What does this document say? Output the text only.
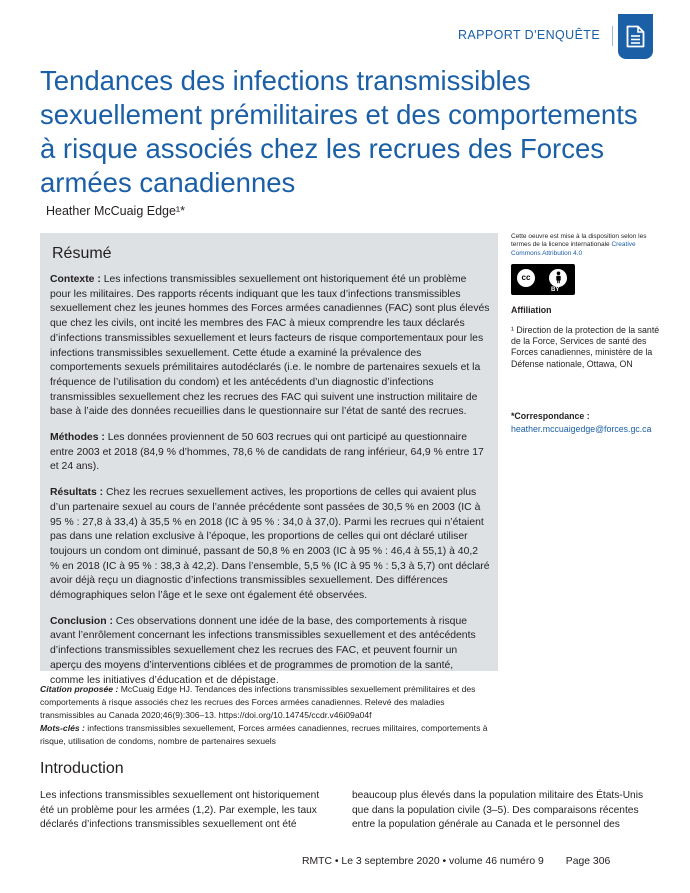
RAPPORT D'ENQUÊTE
Tendances des infections transmissibles sexuellement prémilitaires et des comportements à risque associés chez les recrues des Forces armées canadiennes
Heather McCuaig Edge¹*
Résumé

Contexte : Les infections transmissibles sexuellement ont historiquement été un problème pour les militaires. Des rapports récents indiquant que les taux d’infections transmissibles sexuellement chez les jeunes hommes des Forces armées canadiennes (FAC) sont plus élevés que chez les civils, ont incité les membres des FAC à mieux comprendre les taux déclarés d’infections transmissibles sexuellement et leurs facteurs de risque comportementaux pour les infections transmissibles sexuellement. Cette étude a examiné la prévalence des comportements sexuels prémilitaires autodéclarés (i.e. le nombre de partenaires sexuels et la fréquence de l’utilisation du condom) et les antécédents d’un diagnostic d’infections transmissibles sexuellement chez les recrues des FAC qui suivent une instruction militaire de base à l’aide des données recueillies dans le questionnaire sur l’état de santé des recrues.

Méthodes : Les données proviennent de 50 603 recrues qui ont participé au questionnaire entre 2003 et 2018 (84,9 % d’hommes, 78,6 % de candidats de rang inférieur, 64,9 % entre 17 et 24 ans).

Résultats : Chez les recrues sexuellement actives, les proportions de celles qui avaient plus d’un partenaire sexuel au cours de l’année précédente sont passées de 30,5 % en 2003 (IC à 95 % : 27,8 à 33,4) à 35,5 % en 2018 (IC à 95 % : 34,0 à 37,0). Parmi les recrues qui n’étaient pas dans une relation exclusive à l’époque, les proportions de celles qui ont déclaré utiliser toujours un condom ont diminué, passant de 50,8 % en 2003 (IC à 95 % : 46,4 à 55,1) à 40,2 % en 2018 (IC à 95 % : 38,3 à 42,2). Dans l’ensemble, 5,5 % (IC à 95 % : 5,3 à 5,7) ont déclaré avoir déjà reçu un diagnostic d’infections transmissibles sexuellement. Des différences démographiques selon l’âge et le sexe ont également été observées.

Conclusion : Ces observations donnent une idée de la base, des comportements à risque avant l’enrôlement concernant les infections transmissibles sexuellement et des antécédents d’infections transmissibles sexuellement chez les recrues des FAC, et peuvent fournir un aperçu des moyens d’interventions ciblées et de programmes de promotion de la santé, comme les initiatives d’éducation et de dépistage.

Citation proposée : McCuaig Edge HJ. Tendances des infections transmissibles sexuellement prémilitaires et des comportements à risque associés chez les recrues des Forces armées canadiennes. Relevé des maladies transmissibles au Canada 2020;46(9):306–13. https://doi.org/10.14745/ccdr.v46i09a04f

Mots-clés : infections transmissibles sexuellement, Forces armées canadiennes, recrues militaires, comportements à risque, utilisation de condoms, nombre de partenaires sexuels

Cette oeuvre est mise à la disposition selon les termes de la licence internationale Creative Commons Attribution 4.0
cc
BY
Affiliation
¹ Direction de la protection de la santé de la Force, Services de santé des Forces canadiennes, ministère de la Défense nationale, Ottawa, ON
*Correspondance : heather.mccuaigedge@forces.gc.ca
Introduction
Les infections transmissibles sexuellement ont historiquement été un problème pour les armées (1,2). Par exemple, les taux déclarés d’infections transmissibles sexuellement ont été
beaucoup plus élevés dans la population militaire des États-Unis que dans la population civile (3–5). Des comparaisons récentes entre la population générale au Canada et le personnel des
RMTC • Le 3 septembre 2020 • volume 46 numéro 9 Page 306
